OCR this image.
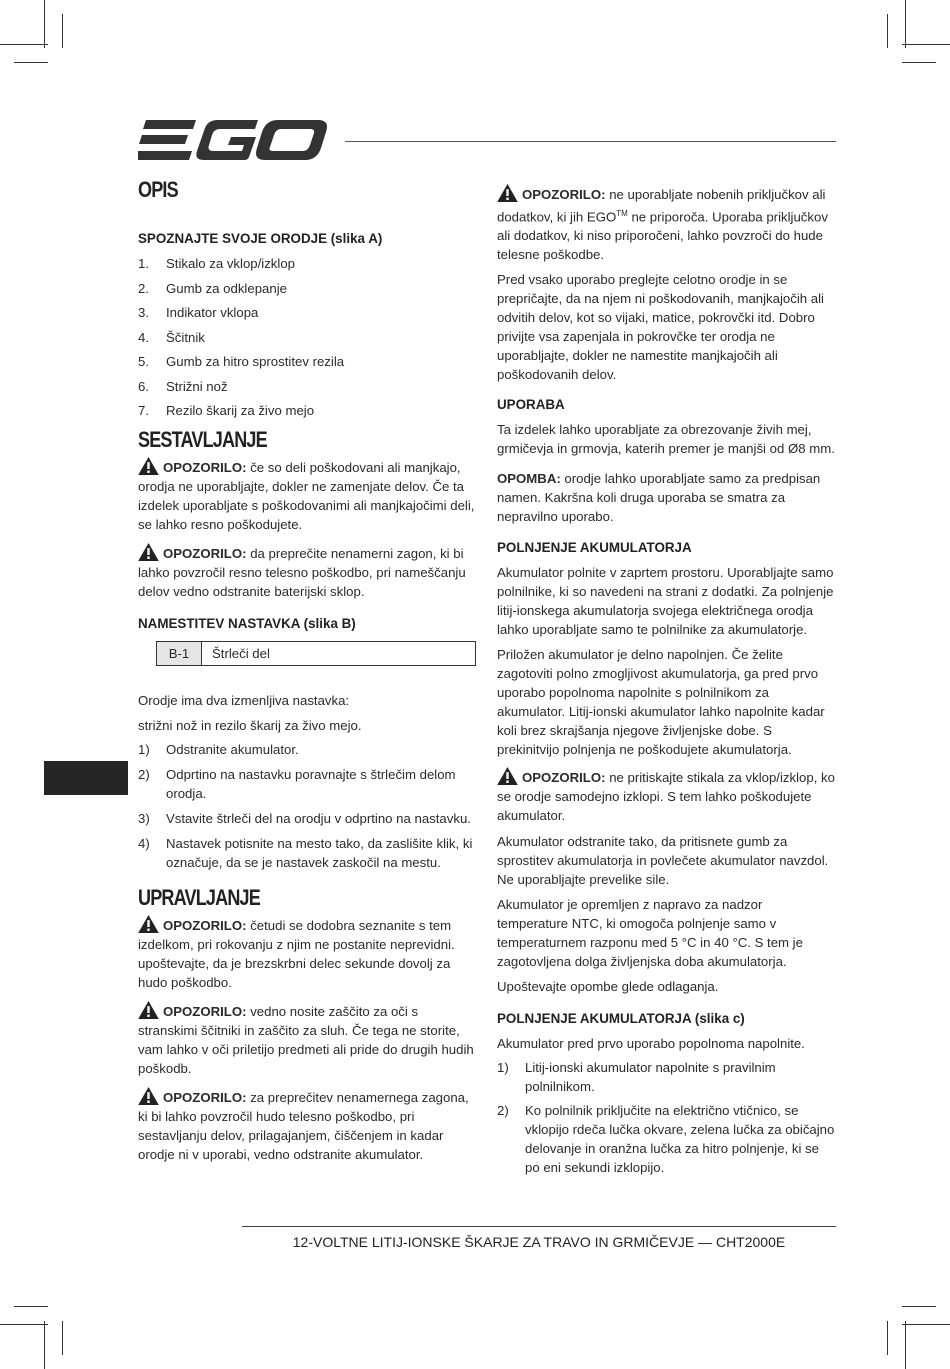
OPIS
SPOZNAJTE SVOJE ORODJE (slika A)
1. Stikalo za vklop/izklop
2. Gumb za odklepanje
3. Indikator vklopa
4. Ščitnik
5. Gumb za hitro sprostitev rezila
6. Strižni nož
7. Rezilo škarij za živo mejo
SESTAVLJANJE

OPOZORILO: če so deli poškodovani ali manjkajo, orodja ne uporabljajte, dokler ne zamenjate delov. Če ta izdelek uporabljate s poškodovanimi ali manjkajočimi deli, se lahko resno poškodujete.

OPOZORILO: da preprečite nenamerni zagon, ki bi lahko povzročil resno telesno poškodbo, pri nameščanju delov vedno odstranite baterijski sklop.

NAMESTITEV NASTAVKA (slika B)
B-1	Štrleči del

Orodje ima dva izmenljiva nastavka:

strižni nož in rezilo škarij za živo mejo.

1) Odstranite akumulator.
2) Odprtino na nastavku poravnajte s štrlečim delom orodja.
3) Vstavite štrleči del na orodju v odprtino na nastavku.
4) Nastavek potisnite na mesto tako, da zaslišite klik, ki označuje, da se je nastavek zaskočil na mestu.
UPRAVLJANJE

OPOZORILO: četudi se dodobra seznanite s tem izdelkom, pri rokovanju z njim ne postanite neprevidni. upoštevajte, da je brezskrbni delec sekunde dovolj za hudo poškodbo.

OPOZORILO: vedno nosite zaščito za oči s stranskimi ščitniki in zaščito za sluh. Če tega ne storite, vam lahko v oči priletijo predmeti ali pride do drugih hudih poškodb.

OPOZORILO: za preprečitev nenamernega zagona, ki bi lahko povzročil hudo telesno poškodbo, pri sestavljanju delov, prilagajanjem, čiščenjem in kadar orodje ni v uporabi, vedno odstranite akumulator.

OPOZORILO: ne uporabljate nobenih priključkov ali dodatkov, ki jih EGO™ ne priporoča. Uporaba priključkov ali dodatkov, ki niso priporočeni, lahko povzroči do hude telesne poškodbe.

Pred vsako uporabo preglejte celotno orodje in se prepričajte, da na njem ni poškodovanih, manjkajočih ali odvitih delov, kot so vijaki, matice, pokrovčki itd. Dobro privijte vsa zapenjala in pokrovčke ter orodja ne uporabljajte, dokler ne namestite manjkajočih ali poškodovanih delov.

UPORABA

Ta izdelek lahko uporabljate za obrezovanje živih mej, grmičevja in grmovja, katerih premer je manjši od Ø8 mm.

OPOMBA: orodje lahko uporabljate samo za predpisan namen. Kakršna koli druga uporaba se smatra za nepravilno uporabo.

POLNJENJE AKUMULATORJA

Akumulator polnite v zaprtem prostoru. Uporabljajte samo polnilnike, ki so navedeni na strani z dodatki. Za polnjenje litij-ionskega akumulatorja svojega električnega orodja lahko uporabljate samo te polnilnike za akumulatorje.

Priložen akumulator je delno napolnjen. Če želite zagotoviti polno zmogljivost akumulatorja, ga pred prvo uporabo popolnoma napolnite s polnilnikom za akumulator. Litij-ionski akumulator lahko napolnite kadar koli brez skrajšanja njegove življenjske dobe. S prekinitvijo polnjenja ne poškodujete akumulatorja.

OPOZORILO: ne pritiskajte stikala za vklop/izklop, ko se orodje samodejno izklopi. S tem lahko poškodujete akumulator.

Akumulator odstranite tako, da pritisnete gumb za sprostitev akumulatorja in povlečete akumulator navzdol. Ne uporabljajte prevelike sile.

Akumulator je opremljen z napravo za nadzor temperature NTC, ki omogoča polnjenje samo v temperaturnem razponu med 5 °C in 40 °C. S tem je zagotovljena dolga življenjska doba akumulatorja.

Upoštevajte opombe glede odlaganja.

POLNJENJE AKUMULATORJA (slika c)

Akumulator pred prvo uporabo popolnoma napolnite.

1) Litij-ionski akumulator napolnite s pravilnim polnilnikom.
2) Ko polnilnik priključite na električno vtičnico, se vklopijo rdeča lučka okvare, zelena lučka za običajno delovanje in oranžna lučka za hitro polnjenje, ki se po eni sekundi izklopijo.
12-VOLTNE LITIJ-IONSKE ŠKARJE ZA TRAVO IN GRMIČEVJE — CHT2000E
